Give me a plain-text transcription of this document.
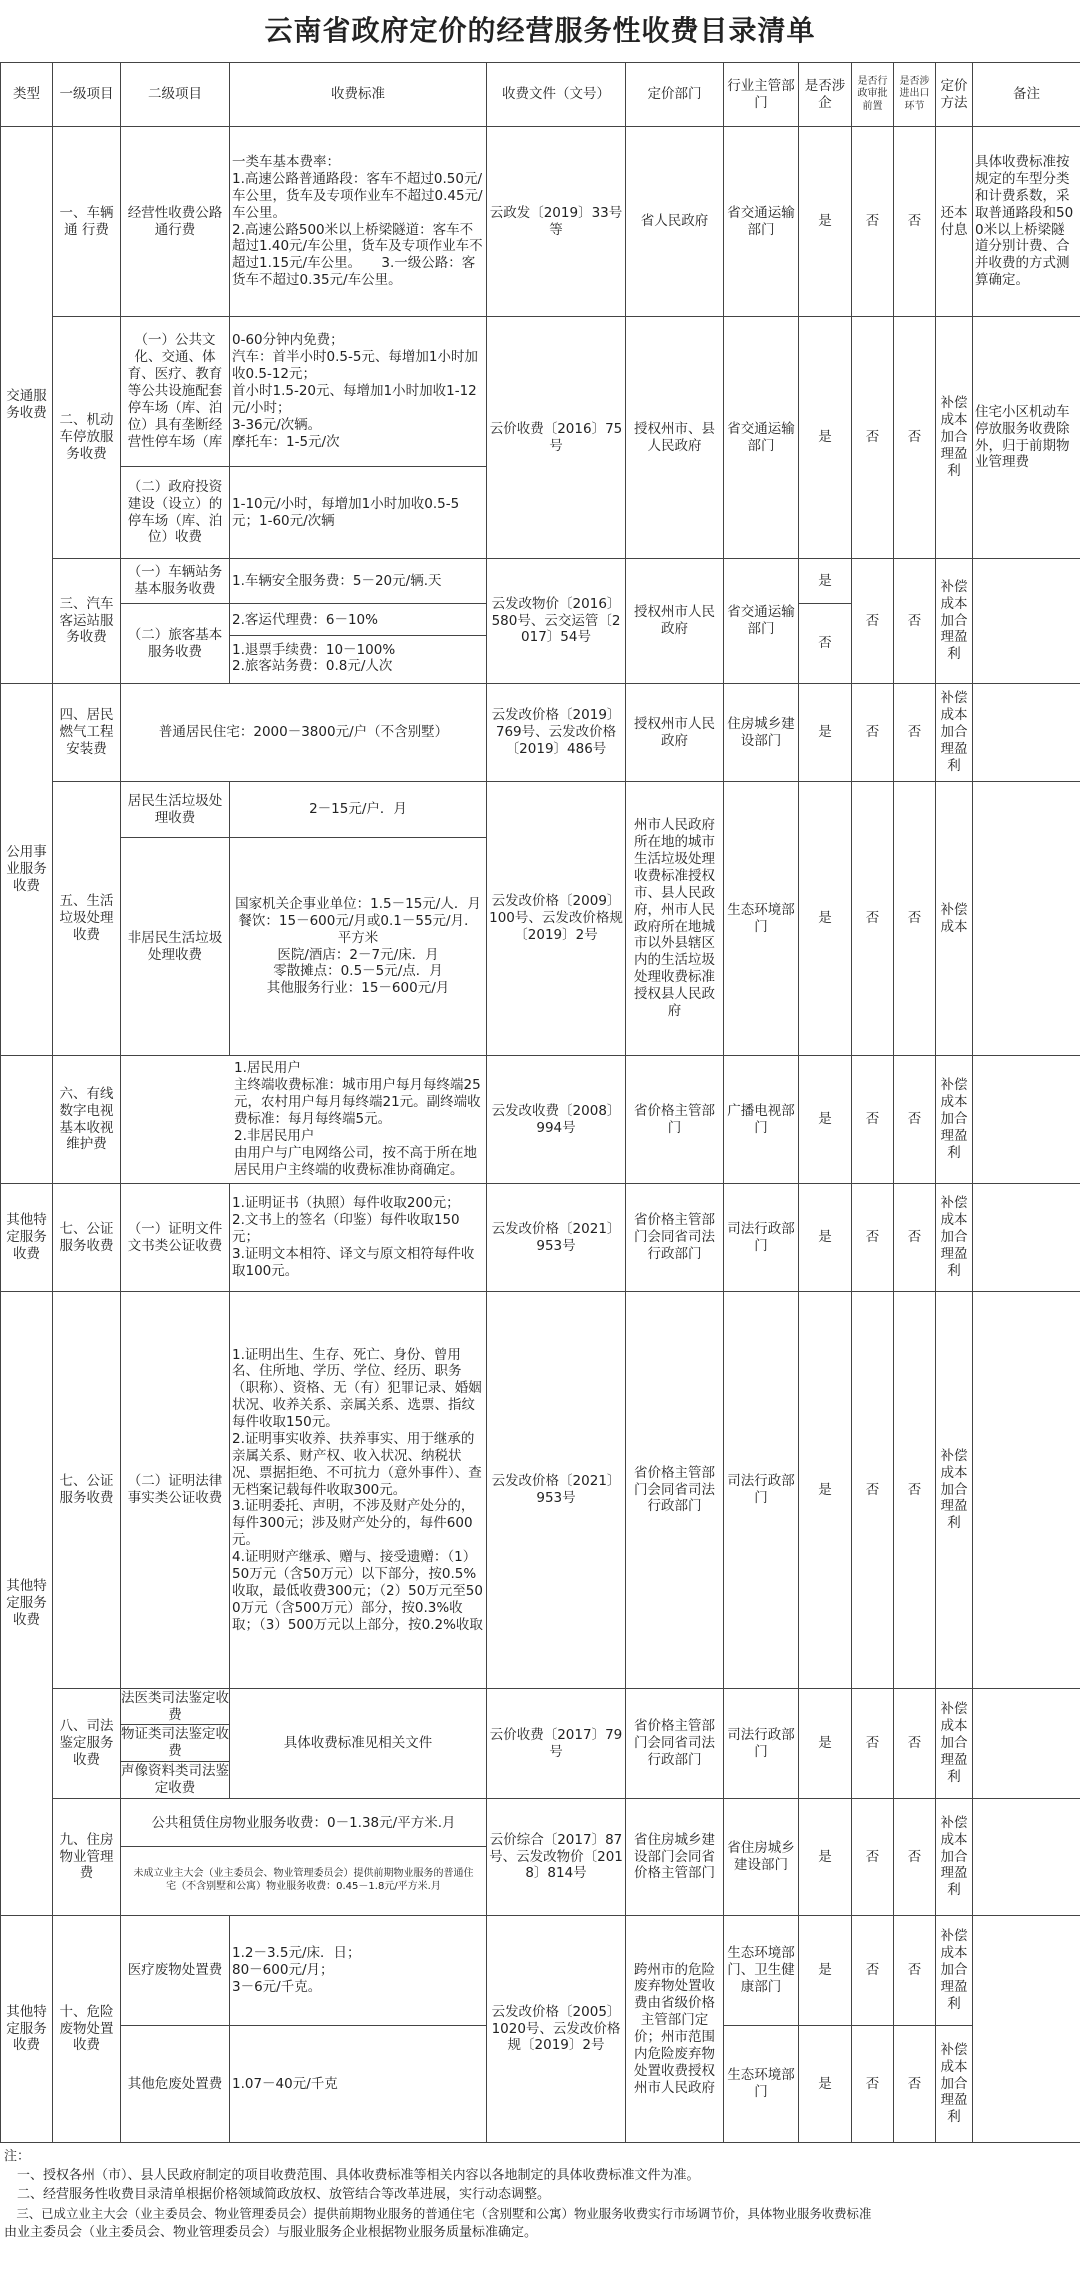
云南省政府定价的经营服务性收费目录清单
类型	一级项目	二级项目	收费标准	收费文件（文号）	定价部门	行业主管部门	是否涉企	是否行政审批前置	是否涉进出口环节	定价方法	备注
交通服务收费	一、车辆通 行费	经营性收费公路通行费	一类车基本费率：
1.高速公路普通路段：客车不超过0.50元/车公里，货车及专项作业车不超过0.45元/车公里。
2.高速公路500米以上桥梁隧道：客车不超过1.40元/车公里，货车及专项作业车不超过1.15元/车公里。　　3.一级公路：客货车不超过0.35元/车公里。	云政发〔2019〕33号等	省人民政府	省交通运输部门	是	否	否	还本付息	具体收费标准按规定的车型分类和计费系数，采取普通路段和500米以上桥梁隧道分别计费、合并收费的方式测算确定。
	二、机动车停放服务收费	（一）公共文化、交通、体育、医疗、教育等公共设施配套停车场（库、泊位）具有垄断经营性停车场（库	0-60分钟内免费；
汽车：首半小时0.5-5元、每增加1小时加收0.5-12元；
首小时1.5-20元、每增加1小时加收1-12元/小时；
3-36元/次辆。
摩托车：1-5元/次	云价收费〔2016〕75号	授权州市、县人民政府	省交通运输部门	是	否	否	补偿成本加合理盈利	住宅小区机动车停放服务收费除外，归于前期物业管理费
		（二）政府投资建设（设立）的停车场（库、泊位）收费	1-10元/小时，每增加1小时加收0.5-5元；1-60元/次辆								

	三、汽车客运站服务收费	（一）车辆站务基本服务收费	1.车辆安全服务费：5－20元/辆.天	云发改物价〔2016〕580号、云交运管〔2017〕54号	授权州市人民政府	省交通运输部门	是	否	否	补偿成本加合理盈利	
		（二）旅客基本服务收费	2.客运代理费：6－10%
1.退票手续费：10－100%
2.旅客站务费：0.8元/人次				否				
公用事业服务收费	四、居民燃气工程安装费	普通居民住宅：2000－3800元/户（不含别墅）		云发改价格〔2019〕769号、云发改价格〔2019〕486号	授权州市人民政府	住房城乡建设部门	是	否	否	补偿成本加合理盈利	
	五、生活垃圾处理收费	居民生活垃圾处理收费	2－15元/户．月	云发改价格〔2009〕100号、云发改价格规〔2019〕2号	州市人民政府所在地的城市生活垃圾处理收费标准授权市、县人民政府，州市人民政府所在地城市以外县辖区内的生活垃圾处理收费标准授权县人民政府	生态环境部门	是	否	否	补偿成本	
		非居民生活垃圾处理收费	国家机关企事业单位：1.5－15元/人．月
餐饮：15－600元/月或0.1－55元/月．平方米
医院/酒店：2－7元/床．月
零散摊点：0.5－5元/点．月
其他服务行业：15－600元/月								

	六、有线数字电视基本收视维护费	1.居民用户
主终端收费标准：城市用户每月每终端25元，农村用户每月每终端21元。副终端收费标准：每月每终端5元。
2.非居民用户
由用户与广电网络公司，按不高于所在地居民用户主终端的收费标准协商确定。		云发改收费〔2008〕994号	省价格主管部门	广播电视部门	是	否	否	补偿成本加合理盈利	
其他特定服务收费	七、公证服务收费	（一）证明文件文书类公证收费	1.证明证书（执照）每件收取200元；
2.文书上的签名（印鉴）每件收取150元；
3.证明文本相符、译文与原文相符每件收取100元。	云发改价格〔2021〕953号	省价格主管部门会同省司法行政部门	司法行政部门	是	否	否	补偿成本加合理盈利	
其他特定服务收费	七、公证服务收费	（二）证明法律事实类公证收费	1.证明出生、生存、死亡、身份、曾用名、住所地、学历、学位、经历、职务（职称）、资格、无（有）犯罪记录、婚姻状况、收养关系、亲属关系、选票、指纹每件收取150元。
2.证明事实收养、扶养事实、用于继承的亲属关系、财产权、收入状况、纳税状况、票据拒绝、不可抗力（意外事件）、查无档案记载每件收取300元。
3.证明委托、声明，不涉及财产处分的，每件300元；涉及财产处分的，每件600元。
4.证明财产继承、赠与、接受遗赠：（1）50万元（含50万元）以下部分，按0.5%收取，最低收费300元；（2）50万元至500万元（含500万元）部分，按0.3%收取；（3）500万元以上部分，按0.2%收取	云发改价格〔2021〕953号	省价格主管部门会同省司法行政部门	司法行政部门	是	否	否	补偿成本加合理盈利	
	八、司法鉴定服务收费	法医类司法鉴定收费
物证类司法鉴定收费
声像资料类司法鉴定收费	具体收费标准见相关文件	云价收费〔2017〕79号	省价格主管部门会同省司法行政部门	司法行政部门	是	否	否	补偿成本加合理盈利	
	九、住房物业管理费	公共租赁住房物业服务收费：0－1.38元/平方米.月
未成立业主大会（业主委员会、物业管理委员会）提供前期物业服务的普通住宅（不含别墅和公寓）物业服务收费：0.45－1.8元/平方米.月		云价综合〔2017〕87号、云发改物价〔2018〕814号	省住房城乡建设部门会同省价格主管部门	省住房城乡建设部门	是	否	否	补偿成本加合理盈利	
其他特定服务收费	十、危险废物处置收费	医疗废物处置费	1.2－3.5元/床．日；
80－600元/月；
3－6元/千克。	云发改价格〔2005〕1020号、云发改价格规〔2019〕2号	跨州市的危险废弃物处置收费由省级价格主管部门定价；州市范围内危险废弃物处置收费授权州市人民政府	生态环境部门、卫生健康部门	是	否	否	补偿成本加合理盈利	
		其他危废处置费	1.07－40元/千克			生态环境部门	是	否	否	补偿成本加合理盈利	
注：
　一、授权各州（市）、县人民政府制定的项目收费范围、具体收费标准等相关内容以各地制定的具体收费标准文件为准。
　二、经营服务性收费目录清单根据价格领域简政放权、放管结合等改革进展，实行动态调整。
　三、已成立业主大会（业主委员会、物业管理委员会）提供前期物业服务的普通住宅（含别墅和公寓）物业服务收费实行市场调节价，具体物业服务收费标准
由业主委员会（业主委员会、物业管理委员会）与服业服务企业根据物业服务质量标准确定。
